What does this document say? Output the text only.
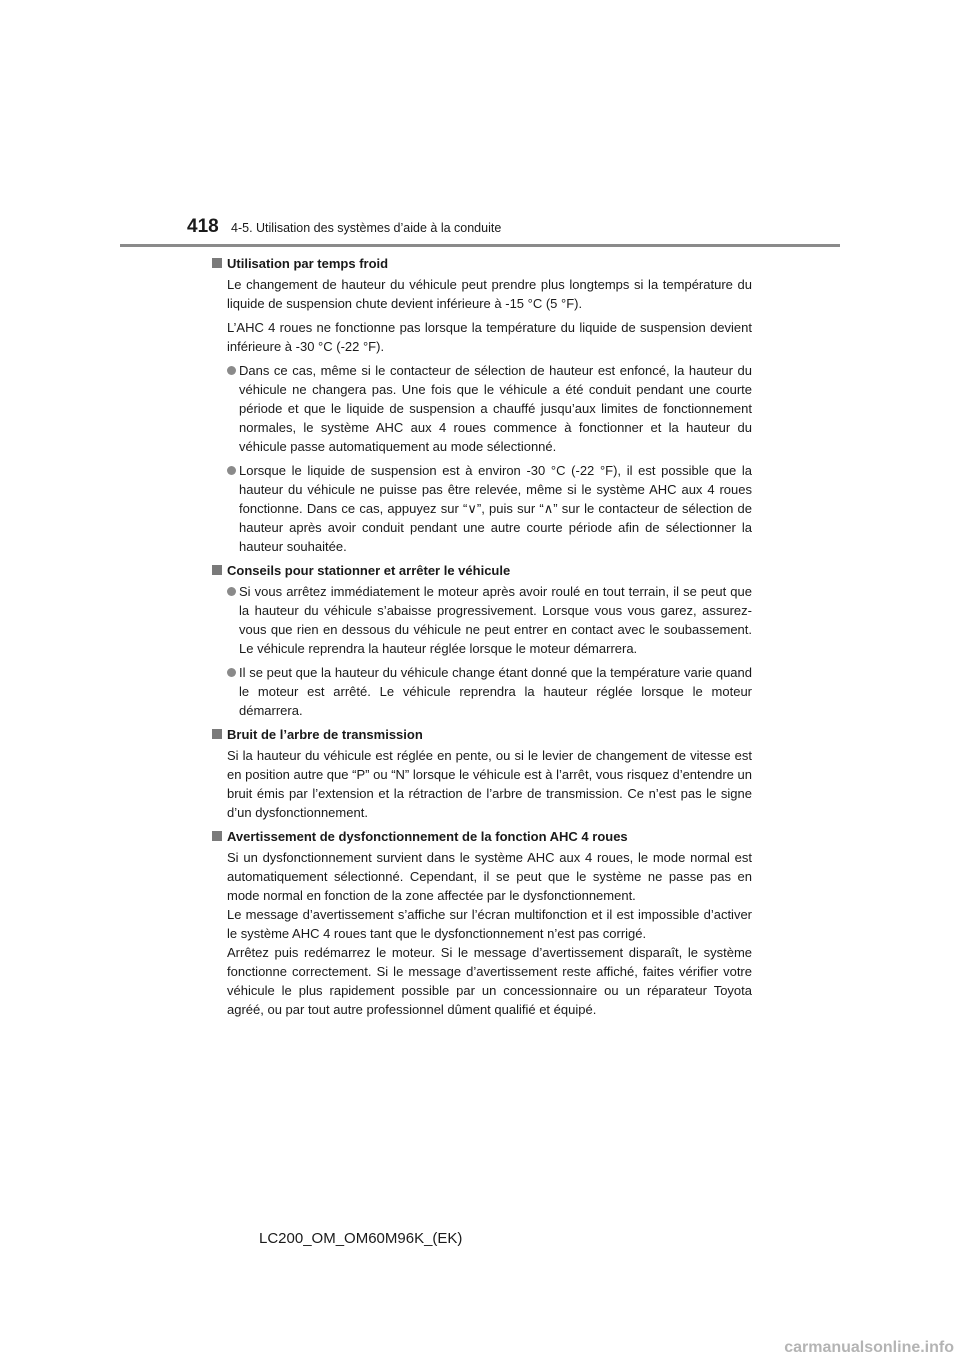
418 4-5. Utilisation des systèmes d’aide à la conduite

Utilisation par temps froid

Le changement de hauteur du véhicule peut prendre plus longtemps si la température du liquide de suspension chute devient inférieure à -15 °C (5 °F).

L’AHC 4 roues ne fonctionne pas lorsque la température du liquide de suspension devient inférieure à -30 °C (-22 °F).

Dans ce cas, même si le contacteur de sélection de hauteur est enfoncé, la hauteur du véhicule ne changera pas. Une fois que le véhicule a été conduit pendant une courte période et que le liquide de suspension a chauffé jusqu’aux limites de fonctionnement normales, le système AHC aux 4 roues commence à fonctionner et la hauteur du véhicule passe automatiquement au mode sélectionné.

Lorsque le liquide de suspension est à environ -30 °C (-22 °F), il est possible que la hauteur du véhicule ne puisse pas être relevée, même si le système AHC aux 4 roues fonctionne. Dans ce cas, appuyez sur “∨”, puis sur “∧” sur le contacteur de sélection de hauteur après avoir conduit pendant une autre courte période afin de sélectionner la hauteur souhaitée.

Conseils pour stationner et arrêter le véhicule

Si vous arrêtez immédiatement le moteur après avoir roulé en tout terrain, il se peut que la hauteur du véhicule s’abaisse progressivement. Lorsque vous vous garez, assurez-vous que rien en dessous du véhicule ne peut entrer en contact avec le soubassement. Le véhicule reprendra la hauteur réglée lorsque le moteur démarrera.

Il se peut que la hauteur du véhicule change étant donné que la température varie quand le moteur est arrêté. Le véhicule reprendra la hauteur réglée lorsque le moteur démarrera.

Bruit de l’arbre de transmission

Si la hauteur du véhicule est réglée en pente, ou si le levier de changement de vitesse est en position autre que “P” ou “N” lorsque le véhicule est à l’arrêt, vous risquez d’entendre un bruit émis par l’extension et la rétraction de l’arbre de transmission. Ce n’est pas le signe d’un dysfonctionnement.

Avertissement de dysfonctionnement de la fonction AHC 4 roues

Si un dysfonctionnement survient dans le système AHC aux 4 roues, le mode normal est automatiquement sélectionné. Cependant, il se peut que le système ne passe pas en mode normal en fonction de la zone affectée par le dysfonctionnement.

Le message d’avertissement s’affiche sur l’écran multifonction et il est impossible d’activer le système AHC 4 roues tant que le dysfonctionnement n’est pas corrigé.

Arrêtez puis redémarrez le moteur. Si le message d’avertissement disparaît, le système fonctionne correctement. Si le message d’avertissement reste affiché, faites vérifier votre véhicule le plus rapidement possible par un concessionnaire ou un réparateur Toyota agréé, ou par tout autre professionnel dûment qualifié et équipé.

LC200_OM_OM60M96K_(EK)
carmanualsonline.info
